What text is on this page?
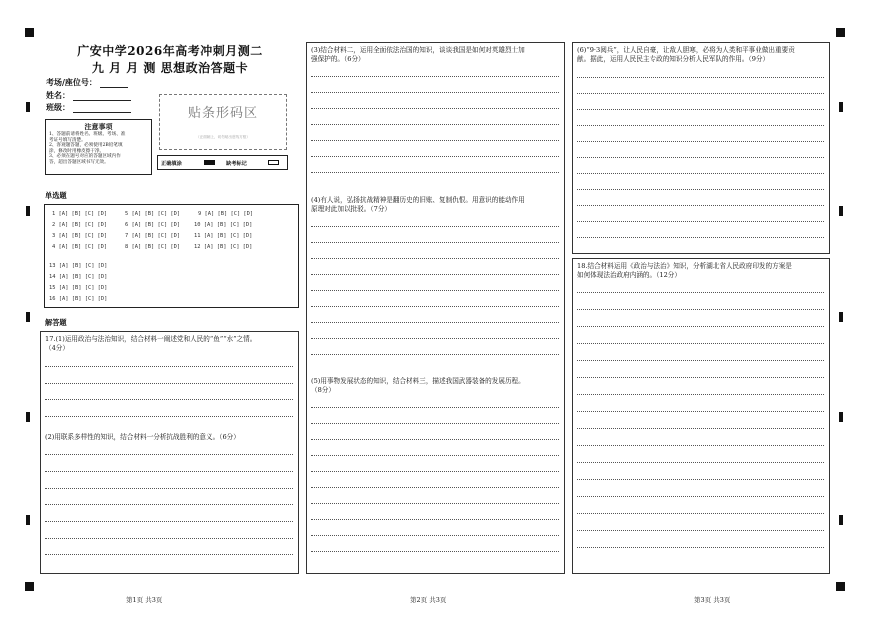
广安中学2026年高考冲刺月测二
九 月 月 测 思想政治答题卡
考场/座位号：
姓名：
班级：	贴条形码区
（正面朝上，切勿贴出虚线方框）
正确填涂	缺考标记
注意事项
1、答题前请将姓名、班级、考场、准
考证号填写清楚。
2、客观题答题，必须使用2B铅笔填
涂，修改时用橡皮擦干净。
3、必须在题号对应的答题区域内作
答，超出答题区域书写无效。
单选题
1 [A] [B] [C] [D]
2 [A] [B] [C] [D]
3 [A] [B] [C] [D]
4 [A] [B] [C] [D]
5 [A] [B] [C] [D]
6 [A] [B] [C] [D]
7 [A] [B] [C] [D]
8 [A] [B] [C] [D]
9 [A] [B] [C] [D]
10 [A] [B] [C] [D]
11 [A] [B] [C] [D]
12 [A] [B] [C] [D]
13 [A] [B] [C] [D]
14 [A] [B] [C] [D]
15 [A] [B] [C] [D]
16 [A] [B] [C] [D]
解答题
17.(1)运用政治与法治知识，结合材料一阐述党和人民的“鱼”“水”之情。
（4分）
(2)用联系多样性的知识，结合材料一分析抗战胜利的意义。（6分）
(3)结合材料二，运用全面依法治国的知识，谈谈我国是如何对英雄烈士加
强保护的。（6分）
(4)有人说，弘扬抗战精神是翻历史的旧账、复制仇恨。用意识的能动作用
原理对此加以批驳。（7分）
(5)用事物发展状态的知识，结合材料三，描述我国武器装备的发展历程。
（8分）
(6)“9·3阅兵”，让人民自豪，让敌人胆寒，必将为人类和平事业做出重要贡
献。据此，运用人民民主专政的知识分析人民军队的作用。（9分）
18.结合材料运用《政治与法治》知识，分析湖北省人民政府印发的方案是
如何体现法治政府内涵的。（12分）
第1页 共3页	第2页 共3页	第3页 共3页
